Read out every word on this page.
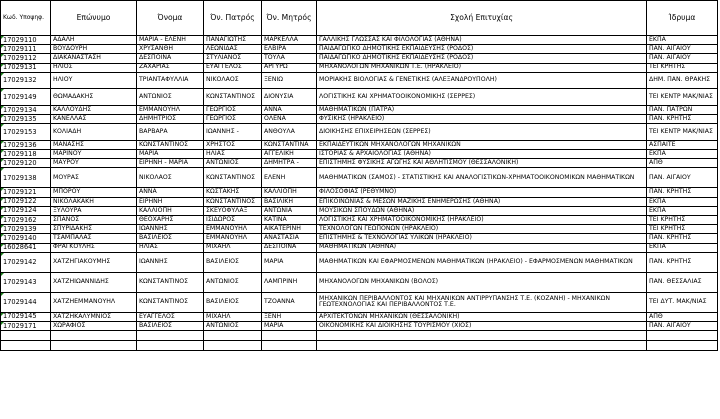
Κωδ. Υποψηφ.	Επώνυμο	Όνομα	Όν. Πατρός	Όν. Μητρός	Σχολή Επιτυχίας	Ίδρυμα
17029110	ΑΔΑΛΗ	ΜΑΡΙΑ - ΕΛΕΝΗ	ΠΑΝΑΓΙΩΤΗΣ	ΜΑΡΚΕΛΛΑ	ΓΑΛΛΙΚΗΣ ΓΛΩΣΣΑΣ ΚΑΙ ΦΙΛΟΛΟΓΙΑΣ (ΑΘΗΝΑ)	ΕΚΠΑ
17029111	ΒΟΥΔΟΥΡΗ	ΧΡΥΣΑΝΘΗ	ΛΕΩΝΙΔΑΣ	ΕΛΒΙΡΑ	ΠΑΙΔΑΓΩΓΙΚΟ ΔΗΜΟΤΙΚΗΣ ΕΚΠΑΙΔΕΥΣΗΣ (ΡΟΔΟΣ)	ΠΑΝ. ΑΙΓΑΙΟΥ
17029112	ΔΙΑΚΑΝΑΣΤΑΣΗ	ΔΕΣΠΟΙΝΑ	ΣΤΥΛΙΑΝΟΣ	ΤΟΥΛΑ	ΠΑΙΔΑΓΩΓΙΚΟ ΔΗΜΟΤΙΚΗΣ ΕΚΠΑΙΔΕΥΣΗΣ (ΡΟΔΟΣ)	ΠΑΝ. ΑΙΓΑΙΟΥ
17029131	ΗΛΙΟΣ	ΖΑΧΑΡΙΑΣ	ΕΥΑΓΓΕΛΟΣ	ΑΡΓΥΡΩ	ΜΗΧΑΝΟΛΟΓΩΝ ΜΗΧΑΝΙΚΩΝ Τ.Ε. (ΗΡΑΚΛΕΙΟ)	ΤΕΙ ΚΡΗΤΗΣ
17029132	ΗΛΙΟΥ	ΤΡΙΑΝΤΑΦΥΛΛΙΑ	ΝΙΚΟΛΑΟΣ	ΞΕΝΙΩ	ΜΟΡΙΑΚΗΣ ΒΙΟΛΟΓΙΑΣ & ΓΕΝΕΤΙΚΗΣ (ΑΛΕΞΑΝΔΡΟΥΠΟΛΗ)	ΔΗΜ. ΠΑΝ. ΘΡΑΚΗΣ
17029149	ΘΩΜΑΔΑΚΗΣ	ΑΝΤΩΝΙΟΣ	ΚΩΝΣΤΑΝΤΙΝΟΣ	ΔΙΟΝΥΣΙΑ	ΛΟΓΙΣΤΙΚΗΣ ΚΑΙ ΧΡΗΜΑΤΟΟΙΚΟΝΟΜΙΚΗΣ (ΣΕΡΡΕΣ)	ΤΕΙ ΚΕΝΤΡ ΜΑΚ/ΝΙΑΣ
17029134	ΚΑΛΛΟΥΔΗΣ	ΕΜΜΑΝΟΥΗΛ	ΓΕΩΡΓΙΟΣ	ΑΝΝΑ	ΜΑΘΗΜΑΤΙΚΩΝ (ΠΑΤΡΑ)	ΠΑΝ. ΠΑΤΡΩΝ
17029135	ΚΑΝΕΛΛΑΣ	ΔΗΜΗΤΡΙΟΣ	ΓΕΩΡΓΙΟΣ	ΟΛΕΝΑ	ΦΥΣΙΚΗΣ (ΗΡΑΚΛΕΙΟ)	ΠΑΝ. ΚΡΗΤΗΣ
17029153	ΚΟΛΙΑΔΗ	ΒΑΡΒΑΡΑ	ΙΩΑΝΝΗΣ -	ΑΝΘΟΥΛΑ	ΔΙΟΙΚΗΣΗΣ ΕΠΙΧΕΙΡΗΣΕΩΝ (ΣΕΡΡΕΣ)	ΤΕΙ ΚΕΝΤΡ ΜΑΚ/ΝΙΑΣ
17029136	ΜΑΝΑΣΗΣ	ΚΩΝΣΤΑΝΤΙΝΟΣ	ΧΡΗΣΤΟΣ	ΚΩΝΣΤΑΝΤΙΝΑ	ΕΚΠΑΙΔΕΥΤΙΚΩΝ ΜΗΧΑΝΟΛΟΓΩΝ ΜΗΧΑΝΙΚΩΝ	ΑΣΠΑΙΤΕ
17029118	ΜΑΡΙΝΟΥ	ΜΑΡΙΑ	ΗΛΙΑΣ	ΑΓΓΕΛΙΚΗ	ΙΣΤΟΡΙΑΣ & ΑΡΧΑΙΟΛΟΓΙΑΣ (ΑΘΗΝΑ)	ΕΚΠΑ
17029120	ΜΑΥΡΟΥ	ΕΙΡΗΝΗ - ΜΑΡΙΑ	ΑΝΤΩΝΙΟΣ	ΔΗΜΗΤΡΑ -	ΕΠΙΣΤΗΜΗΣ ΦΥΣΙΚΗΣ ΑΓΩΓΗΣ ΚΑΙ ΑΘΛΗΤΙΣΜΟΥ (ΘΕΣΣΑΛΟΝΙΚΗ)	ΑΠΘ
17029138	ΜΟΥΡΑΣ	ΝΙΚΟΛΑΟΣ	ΚΩΝΣΤΑΝΤΙΝΟΣ	ΕΛΕΝΗ	ΜΑΘΗΜΑΤΙΚΩΝ (ΣΑΜΟΣ) - ΣΤΑΤΙΣΤΙΚΗΣ ΚΑΙ ΑΝΑΛΟΓΙΣΤΙΚΩΝ-ΧΡΗΜΑΤΟΟΙΚΟΝΟΜΙΚΩΝ ΜΑΘΗΜΑΤΙΚΩΝ	ΠΑΝ. ΑΙΓΑΙΟΥ
17029121	ΜΠΟΡΟΥ	ΑΝΝΑ	ΚΩΣΤΑΚΗΣ	ΚΑΛΛΙΟΠΗ	ΦΙΛΟΣΟΦΙΑΣ (ΡΕΘΥΜΝΟ)	ΠΑΝ. ΚΡΗΤΗΣ
17029122	ΝΙΚΟΛΑΚΑΚΗ	ΕΙΡΗΝΗ	ΚΩΝΣΤΑΝΤΙΝΟΣ	ΒΑΣΙΛΙΚΗ	ΕΠΙΚΟΙΝΩΝΙΑΣ & ΜΕΣΩΝ ΜΑΖΙΚΗΣ ΕΝΗΜΕΡΩΣΗΣ (ΑΘΗΝΑ)	ΕΚΠΑ
17029124	ΞΥΛΟΥΡΑ	ΚΑΛΛΙΟΠΗ	ΣΚΕΥΟΦΥΛΑΞ	ΑΝΤΩΝΙΑ	ΜΟΥΣΙΚΩΝ ΣΠΟΥΔΩΝ (ΑΘΗΝΑ)	ΕΚΠΑ
17029162	ΣΠΑΝΟΣ	ΘΕΟΧΑΡΗΣ	ΙΣΙΔΩΡΟΣ	ΚΑΤΙΝΑ	ΛΟΓΙΣΤΙΚΗΣ ΚΑΙ ΧΡΗΜΑΤΟΟΙΚΟΝΟΜΙΚΗΣ (ΗΡΑΚΛΕΙΟ)	ΤΕΙ ΚΡΗΤΗΣ
17029139	ΣΠΥΡΙΔΑΚΗΣ	ΙΩΑΝΝΗΣ	ΕΜΜΑΝΟΥΗΛ	ΑΙΚΑΤΕΡΙΝΗ	ΤΕΧΝΟΛΟΓΩΝ ΓΕΩΠΟΝΩΝ (ΗΡΑΚΛΕΙΟ)	ΤΕΙ ΚΡΗΤΗΣ
17029140	ΤΣΑΜΠΑΛΑΣ	ΒΑΣΙΛΕΙΟΣ	ΕΜΜΑΝΟΥΗΛ	ΑΝΑΣΤΑΣΙΑ	ΕΠΙΣΤΗΜΗΣ & ΤΕΧΝΟΛΟΓΙΑΣ ΥΛΙΚΩΝ (ΗΡΑΚΛΕΙΟ)	ΠΑΝ. ΚΡΗΤΗΣ
16028641	ΦΡΑΓΚΟΥΛΗΣ	ΗΛΙΑΣ	ΜΙΧΑΗΛ	ΔΕΣΠΟΙΝΑ	ΜΑΘΗΜΑΤΙΚΩΝ (ΑΘΗΝΑ)	ΕΚΠΑ
17029142	ΧΑΤΖΗΓΙΑΚΟΥΜΗΣ	ΙΩΑΝΝΗΣ	ΒΑΣΙΛΕΙΟΣ	ΜΑΡΙΑ	ΜΑΘΗΜΑΤΙΚΩΝ ΚΑΙ ΕΦΑΡΜΟΣΜΕΝΩΝ ΜΑΘΗΜΑΤΙΚΩΝ (ΗΡΑΚΛΕΙΟ) - ΕΦΑΡΜΟΣΜΕΝΩΝ ΜΑΘΗΜΑΤΙΚΩΝ	ΠΑΝ. ΚΡΗΤΗΣ
17029143	ΧΑΤΖΗΙΩΑΝΝΙΔΗΣ	ΚΩΝΣΤΑΝΤΙΝΟΣ	ΑΝΤΩΝΙΟΣ	ΛΑΜΠΡΙΝΗ	ΜΗΧΑΝΟΛΟΓΩΝ ΜΗΧΑΝΙΚΩΝ (ΒΟΛΟΣ)	ΠΑΝ. ΘΕΣΣΑΛΙΑΣ
17029144	ΧΑΤΖΗΕΜΜΑΝΟΥΗΛ	ΚΩΝΣΤΑΝΤΙΝΟΣ	ΒΑΣΙΛΕΙΟΣ	ΤΖΟΑΝΝΑ	ΜΗΧΑΝΙΚΩΝ ΠΕΡΙΒΑΛΛΟΝΤΟΣ ΚΑΙ ΜΗΧΑΝΙΚΩΝ ΑΝΤΙΡΡΥΠΑΝΣΗΣ Τ.Ε. (ΚΟΖΑΝΗ) - ΜΗΧΑΝΙΚΩΝ ΓΕΩΤΕΧΝΟΛΟΓΙΑΣ ΚΑΙ ΠΕΡΙΒΑΛΛΟΝΤΟΣ Τ.Ε.	ΤΕΙ ΔΥΤ. ΜΑΚ/ΝΙΑΣ
17029145	ΧΑΤΖΗΚΑΛΥΜΝΙΟΣ	ΕΥΑΓΓΕΛΟΣ	ΜΙΧΑΗΛ	ΞΕΝΗ	ΑΡΧΙΤΕΚΤΟΝΩΝ ΜΗΧΑΝΙΚΩΝ (ΘΕΣΣΑΛΟΝΙΚΗ)	ΑΠΘ
17029171	ΧΩΡΑΦΙΟΣ	ΒΑΣΙΛΕΙΟΣ	ΑΝΤΩΝΙΟΣ	ΜΑΡΙΑ	ΟΙΚΟΝΟΜΙΚΗΣ ΚΑΙ ΔΙΟΙΚΗΣΗΣ ΤΟΥΡΙΣΜΟΥ (ΧΙΟΣ)	ΠΑΝ. ΑΙΓΑΙΟΥ
